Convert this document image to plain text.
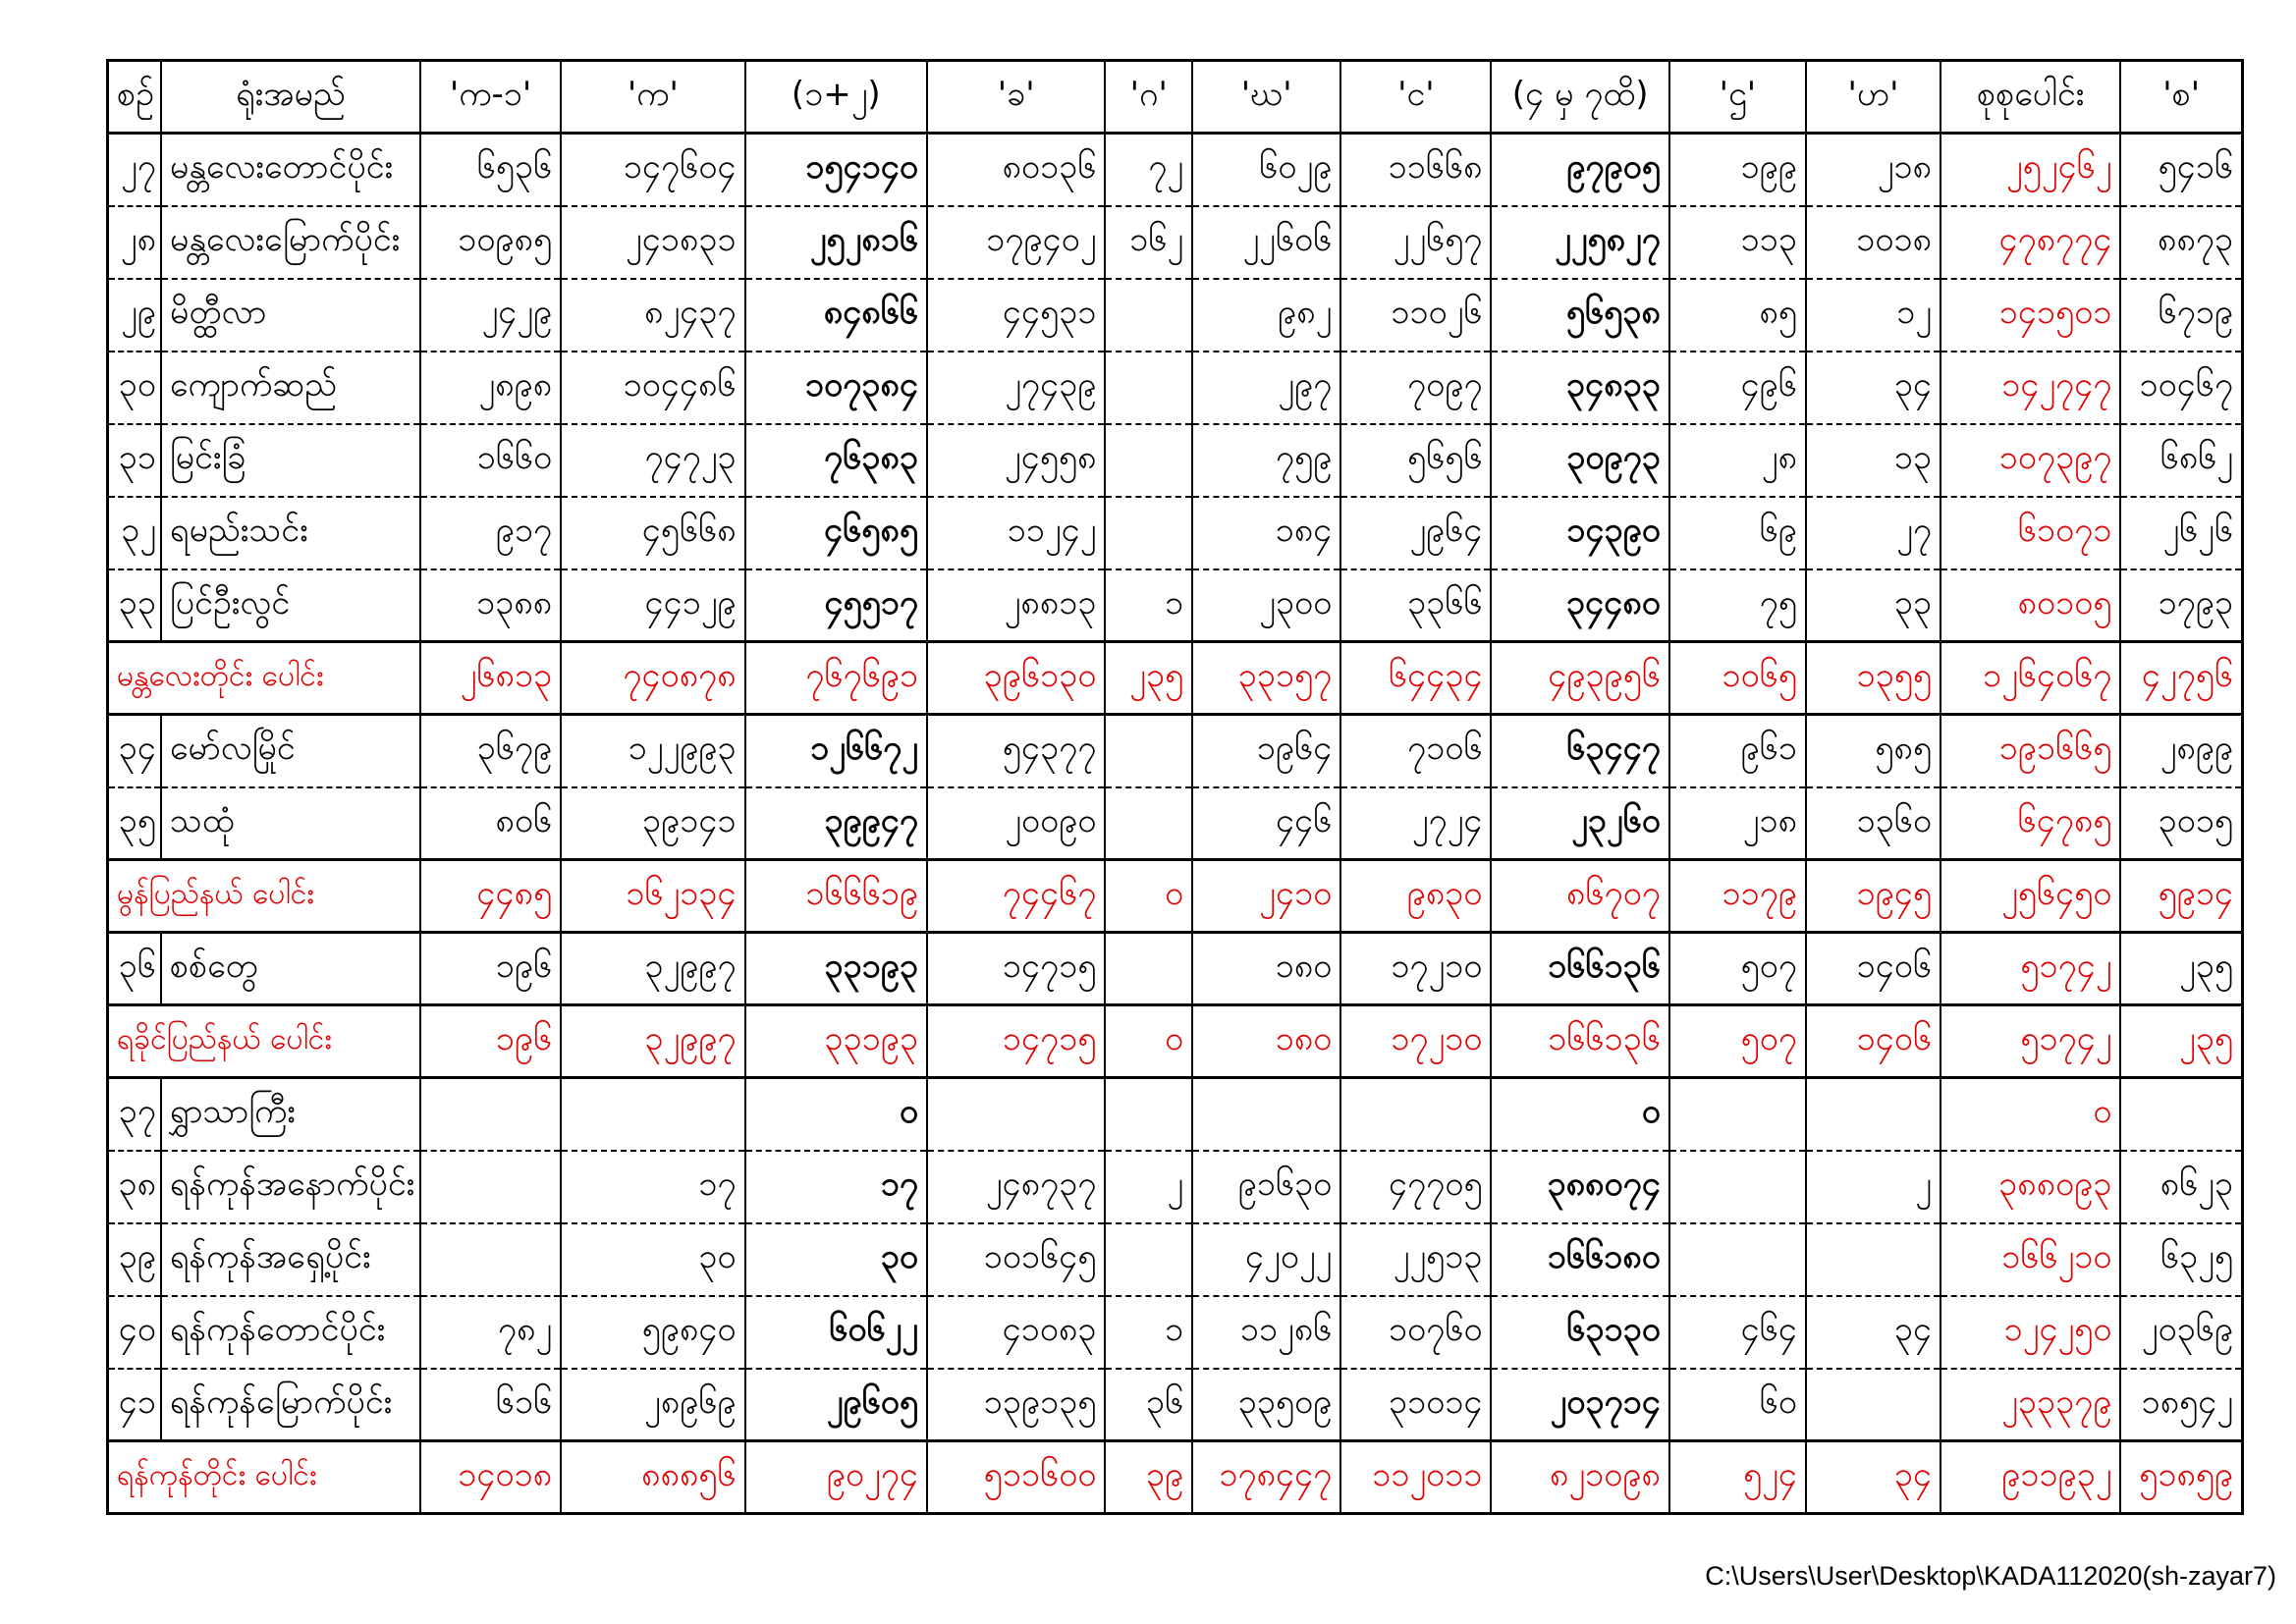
စဉ်	ရုံးအမည်	'က-၁'	'က'	(၁+၂)	'ခ'	'ဂ'	'ဃ'	'င'	(၄ မှ ၇ထိ)	'ဌ'	'ဟ'	စုစုပေါင်း	'စ'
၂၇	မန္တလေးတောင်ပိုင်း	၆၅၃၆	၁၄၇၆၀၄	၁၅၄၁၄၀	၈၀၁၃၆	၇၂	၆၀၂၉	၁၁၆၆၈	၉၇၉၀၅	၁၉၉	၂၁၈	၂၅၂၄၆၂	၅၄၁၆
၂၈	မန္တလေးမြောက်ပိုင်း	၁၀၉၈၅	၂၄၁၈၃၁	၂၅၂၈၁၆	၁၇၉၄၀၂	၁၆၂	၂၂၆၀၆	၂၂၆၅၇	၂၂၅၈၂၇	၁၁၃	၁၀၁၈	၄၇၈၇၇၄	၈၈၇၃
၂၉	မိတ္ထီလာ	၂၄၂၉	၈၂၄၃၇	၈၄၈၆၆	၄၄၅၃၁		၉၈၂	၁၁၀၂၆	၅၆၅၃၈	၈၅	၁၂	၁၄၁၅၀၁	၆၇၁၉
၃၀	ကျောက်ဆည်	၂၈၉၈	၁၀၄၄၈၆	၁၀၇၃၈၄	၂၇၄၃၉		၂၉၇	၇၀၉၇	၃၄၈၃၃	၄၉၆	၃၄	၁၄၂၇၄၇	၁၀၄၆၇
၃၁	မြင်းခြံ	၁၆၆၀	၇၄၇၂၃	၇၆၃၈၃	၂၄၅၅၈		၇၅၉	၅၆၅၆	၃၀၉၇၃	၂၈	၁၃	၁၀၇၃၉၇	၆၈၆၂
၃၂	ရမည်းသင်း	၉၁၇	၄၅၆၆၈	၄၆၅၈၅	၁၁၂၄၂		၁၈၄	၂၉၆၄	၁၄၃၉၀	၆၉	၂၇	၆၁၀၇၁	၂၆၂၆
၃၃	ပြင်ဦးလွင်	၁၃၈၈	၄၄၁၂၉	၄၅၅၁၇	၂၈၈၁၃	၁	၂၃၀၀	၃၃၆၆	၃၄၄၈၀	၇၅	၃၃	၈၀၁၀၅	၁၇၉၃
မန္တလေးတိုင်း ပေါင်း		၂၆၈၁၃	၇၄၀၈၇၈	၇၆၇၆၉၁	၃၉၆၁၃၀	၂၃၅	၃၃၁၅၇	၆၄၄၃၄	၄၉၃၉၅၆	၁၀၆၅	၁၃၅၅	၁၂၆၄၀၆၇	၄၂၇၅၆
၃၄	မော်လမြိုင်	၃၆၇၉	၁၂၂၉၉၃	၁၂၆၆၇၂	၅၄၃၇၇		၁၉၆၄	၇၁၀၆	၆၃၄၄၇	၉၆၁	၅၈၅	၁၉၁၆၆၅	၂၈၉၉
၃၅	သထုံ	၈၀၆	၃၉၁၄၁	၃၉၉၄၇	၂၀၀၉၀		၄၄၆	၂၇၂၄	၂၃၂၆၀	၂၁၈	၁၃၆၀	၆၄၇၈၅	၃၀၁၅
မွန်ပြည်နယ် ပေါင်း		၄၄၈၅	၁၆၂၁၃၄	၁၆၆၆၁၉	၇၄၄၆၇	၀	၂၄၁၀	၉၈၃၀	၈၆၇၀၇	၁၁၇၉	၁၉၄၅	၂၅၆၄၅၀	၅၉၁၄
၃၆	စစ်တွေ	၁၉၆	၃၂၉၉၇	၃၃၁၉၃	၁၄၇၁၅		၁၈၀	၁၇၂၁၀	၁၆၆၁၃၆	၅၀၇	၁၄၀၆	၅၁၇၄၂	၂၃၅
ရခိုင်ပြည်နယ် ပေါင်း		၁၉၆	၃၂၉၉၇	၃၃၁၉၃	၁၄၇၁၅	၀	၁၈၀	၁၇၂၁၀	၁၆၆၁၃၆	၅၀၇	၁၄၀၆	၅၁၇၄၂	၂၃၅
၃၇	ရွှာသာကြီး			၀					၀			၀	
၃၈	ရန်ကုန်အနောက်ပိုင်း		၁၇	၁၇	၂၄၈၇၃၇	၂	၉၁၆၃၀	၄၇၇၀၅	၃၈၈၀၇၄		၂	၃၈၈၀၉၃	၈၆၂၃
၃၉	ရန်ကုန်အရှေ့ပိုင်း		၃၀	၃၀	၁၀၁၆၄၅		၄၂၀၂၂	၂၂၅၁၃	၁၆၆၁၈၀			၁၆၆၂၁၀	၆၃၂၅
၄၀	ရန်ကုန်တောင်ပိုင်း	၇၈၂	၅၉၈၄၀	၆၀၆၂၂	၄၁၀၈၃	၁	၁၁၂၈၆	၁၀၇၆၀	၆၃၁၃၀	၄၆၄	၃၄	၁၂၄၂၅၀	၂၀၃၆၉
၄၁	ရန်ကုန်မြောက်ပိုင်း	၆၁၆	၂၈၉၆၉	၂၉၆၀၅	၁၃၉၁၃၅	၃၆	၃၃၅၀၉	၃၁၀၁၄	၂၀၃၇၁၄	၆၀		၂၃၃၃၇၉	၁၈၅၄၂
ရန်ကုန်တိုင်း ပေါင်း		၁၄၀၁၈	၈၈၈၅၆	၉၀၂၇၄	၅၁၁၆၀၀	၃၉	၁၇၈၄၄၇	၁၁၂၀၁၁	၈၂၁၀၉၈	၅၂၄	၃၄	၉၁၁၉၃၂	၅၁၈၅၉
C:\Users\User\Desktop\KADA112020(sh-zayar7)
